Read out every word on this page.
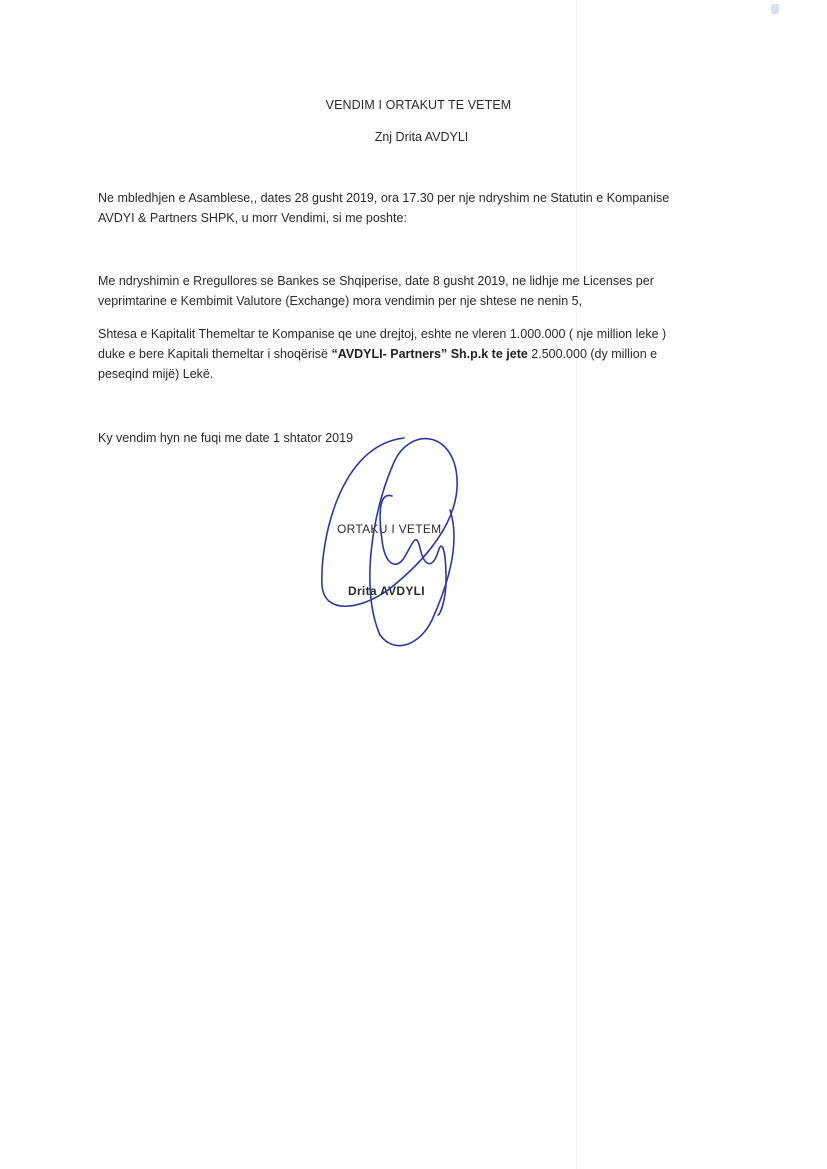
VENDIM I ORTAKUT TE VETEM
Znj Drita AVDYLI
Ne mbledhjen e Asamblese,, dates 28 gusht 2019, ora 17.30 per nje ndryshim ne Statutin e Kompanise
AVDYI & Partners SHPK, u morr Vendimi, si me poshte:
Me ndryshimin e Rregullores se Bankes se Shqiperise, date 8 gusht 2019, ne lidhje me Licenses per
veprimtarine e Kembimit Valutore (Exchange) mora vendimin per nje shtese ne nenin 5,
Shtesa e Kapitalit Themeltar te Kompanise qe une drejtoj, eshte ne vleren 1.000.000 ( nje million leke )
duke e bere Kapitali themeltar i shoqërisë “AVDYLI- Partners” Sh.p.k te jete 2.500.000 (dy million e
peseqind mijë) Lekë.
Ky vendim hyn ne fuqi me date 1 shtator 2019
ORTAKU I VETEM
Drita AVDYLI
